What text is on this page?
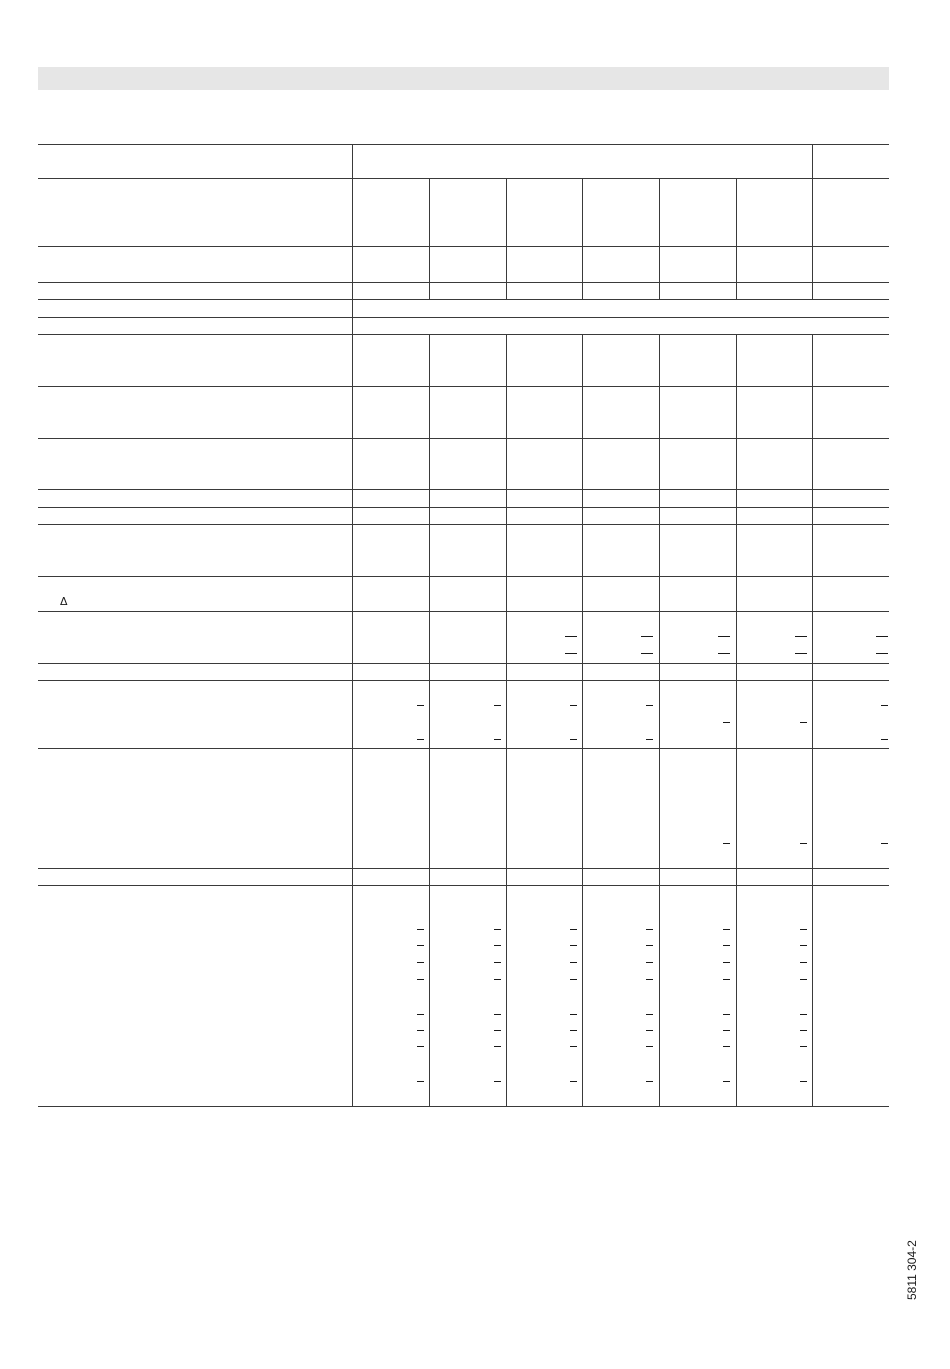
Δ
5811 304-2
